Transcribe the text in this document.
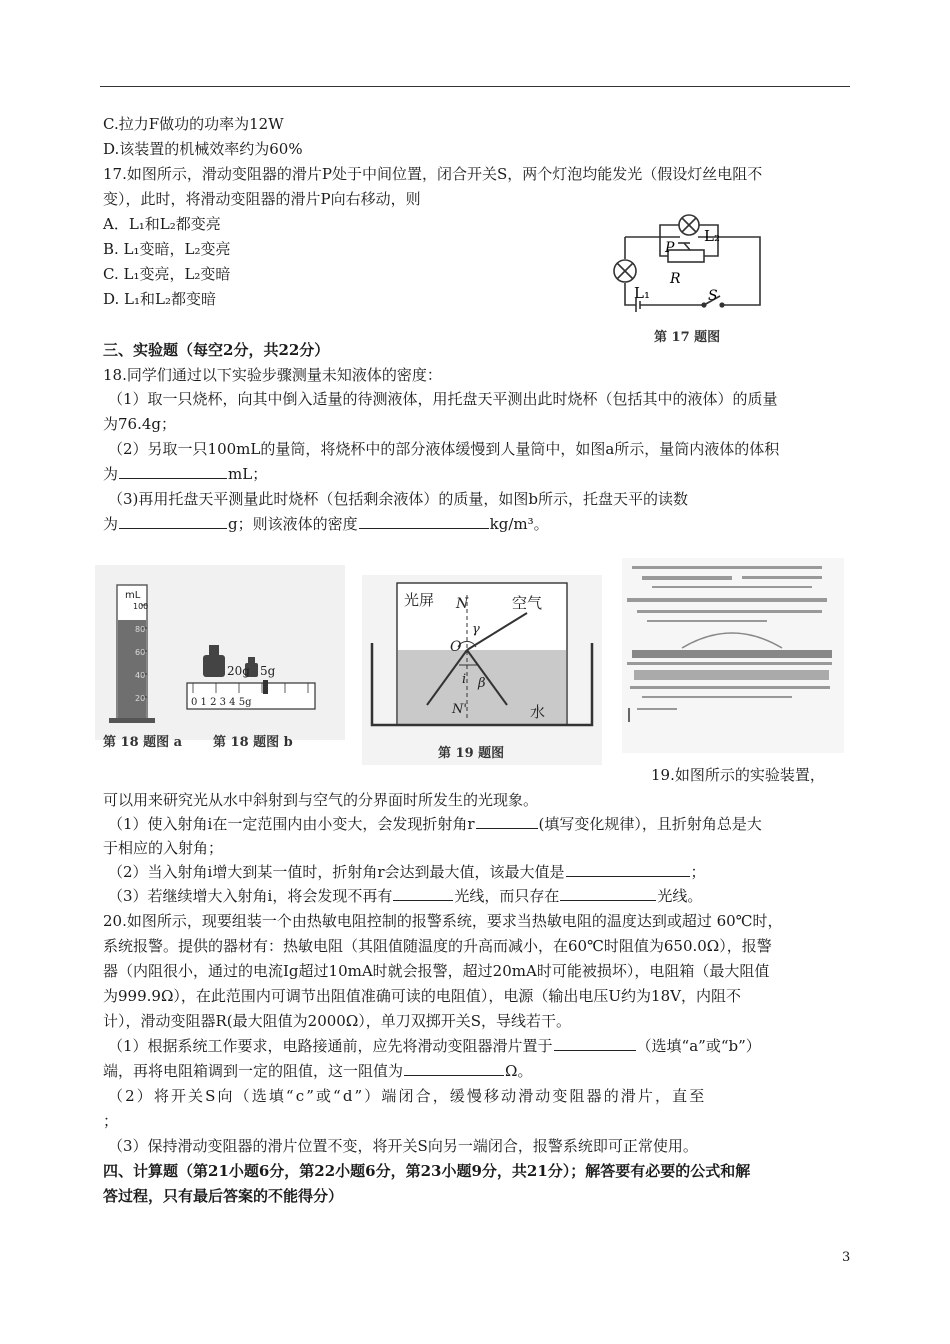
C.拉力F做功的功率为12W
D.该装置的机械效率约为60%
17.如图所示，滑动变阻器的滑片P处于中间位置，闭合开关S，两个灯泡均能发光（假设灯丝电阻不
变），此时，将滑动变阻器的滑片P向右移动，则
A．L₁和L₂都变亮
B. L₁变暗，L₂变亮
C. L₁变亮，L₂变暗
D. L₁和L₂都变暗
L₂
P
R
L₁	S
第 17 题图
三、实验题（每空2分，共22分）
18.同学们通过以下实验步骤测量未知液体的密度：
（1）取一只烧杯，向其中倒入适量的待测液体，用托盘天平测出此时烧杯（包括其中的液体）的质量
为76.4g；
（2）另取一只100mL的量筒，将烧杯中的部分液体缓慢到人量筒中，如图a所示，量筒内液体的体积
为	mL；
（3)再用托盘天平测量此时烧杯（包括剩余液体）的质量，如图b所示，托盘天平的读数
为	g；则该液体的密度	kg/m³。
mL
100
80
60
40
20
20g 5g
0 1 2 3 4 5g
第 18 题图 a 第 18 题图 b
光屏 N	空气
O
γ
i β
N'	水
第 19 题图
19.如图所示的实验装置，
可以用来研究光从水中斜射到与空气的分界面时所发生的光现象。
（1）使入射角i在一定范围内由小变大，会发现折射角r	(填写变化规律），且折射角总是大
于相应的入射角；
（2）当入射角i增大到某一值时，折射角r会达到最大值，该最大值是	；
（3）若继续增大入射角i，将会发现不再有	光线，而只存在	光线。
20.如图所示，现要组装一个由热敏电阻控制的报警系统，要求当热敏电阻的温度达到或超过 60℃时，
系统报警。提供的器材有：热敏电阻（其阻值随温度的升高而减小，在60℃时阻值为650.0Ω），报警
器（内阻很小，通过的电流Ig超过10mA时就会报警，超过20mA时可能被损坏），电阻箱（最大阻值
为999.9Ω），在此范围内可调节出阻值准确可读的电阻值），电源（输出电压U约为18V，内阻不
计），滑动变阻器R(最大阻值为2000Ω），单刀双掷开关S，导线若干。
（1）根据系统工作要求，电路接通前，应先将滑动变阻器滑片置于	（选填“a”或“b”）
端，再将电阻箱调到一定的阻值，这一阻值为	Ω。
（2）将开关S向（选填“c”或“d”）端闭合，缓慢移动滑动变阻器的滑片，直至
；
（3）保持滑动变阻器的滑片位置不变，将开关S向另一端闭合，报警系统即可正常使用。
四、计算题（第21小题6分，第22小题6分，第23小题9分，共21分）；解答要有必要的公式和解
答过程，只有最后答案的不能得分）
3
